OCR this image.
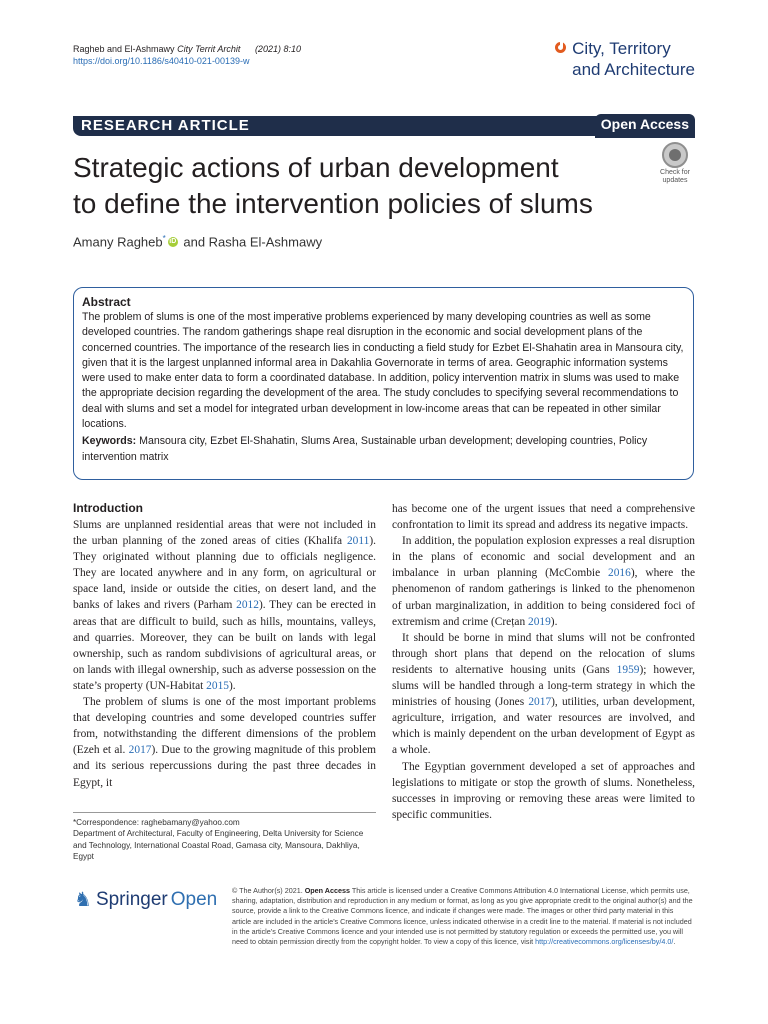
Ragheb and El-Ashmawy City Territ Archit (2021) 8:10
https://doi.org/10.1186/s40410-021-00139-w
City, Territory
and Architecture
RESEARCH ARTICLE	Open Access
Strategic actions of urban development
to define the intervention policies of slums
Check for
updates
Amany Ragheb* iD and Rasha El-Ashmawy
Abstract
The problem of slums is one of the most imperative problems experienced by many developing countries as well as some developed countries. The random gatherings shape real disruption in the economic and social development plans of the concerned countries. The importance of the research lies in conducting a field study for Ezbet El-Shahatin area in Mansoura city, given that it is the largest unplanned informal area in Dakahlia Governorate in terms of area. Geographic information systems were used to make enter data to form a coordinated database. In addition, policy intervention matrix in slums was used to make the appropriate decision regarding the development of the area. The study concludes to specifying several recommendations to deal with slums and set a model for integrated urban development in low-income areas that can be repeated in other similar locations.
Keywords: Mansoura city, Ezbet El-Shahatin, Slums Area, Sustainable urban development; developing countries, Policy intervention matrix
Introduction

Slums are unplanned residential areas that were not included in the urban planning of the zoned areas of cities (Khalifa 2011). They originated without planning due to officials negligence. They are located anywhere and in any form, on agricultural or space land, inside or outside the cities, on desert land, and the banks of lakes and rivers (Parham 2012). They can be erected in areas that are difficult to build, such as hills, mountains, valleys, and quarries. Moreover, they can be built on lands with legal ownership, such as random subdivisions of agricultural areas, or on lands with illegal ownership, such as adverse possession on the state’s property (UN-Habitat 2015).

The problem of slums is one of the most important problems that developing countries and some developed countries suffer from, notwithstanding the different dimensions of the problem (Ezeh et al. 2017). Due to the growing magnitude of this problem and its serious repercussions during the past three decades in Egypt, it

*Correspondence: raghebamany@yahoo.com
Department of Architectural, Faculty of Engineering, Delta University for Science and Technology, International Coastal Road, Gamasa city, Mansoura, Dakhliya, Egypt

has become one of the urgent issues that need a comprehensive confrontation to limit its spread and address its negative impacts.

In addition, the population explosion expresses a real disruption in the plans of economic and social development and an imbalance in urban planning (McCombie 2016), where the phenomenon of random gatherings is linked to the phenomenon of urban marginalization, in addition to being considered foci of extremism and crime (Crețan 2019).

It should be borne in mind that slums will not be confronted through short plans that depend on the relocation of slums residents to alternative housing units (Gans 1959); however, slums will be handled through a long-term strategy in which the ministries of housing (Jones 2017), utilities, urban development, agriculture, irrigation, and water resources are involved, and which is mainly dependent on the urban development of Egypt as a whole.

The Egyptian government developed a set of approaches and legislations to mitigate or stop the growth of slums. Nonetheless, successes in improving or removing these areas were limited to specific communities.

♞ Springer Open © The Author(s) 2021. Open Access This article is licensed under a Creative Commons Attribution 4.0 International License, which permits use, sharing, adaptation, distribution and reproduction in any medium or format, as long as you give appropriate credit to the original author(s) and the source, provide a link to the Creative Commons licence, and indicate if changes were made. The images or other third party material in this article are included in the article’s Creative Commons licence, unless indicated otherwise in a credit line to the material. If material is not included in the article’s Creative Commons licence and your intended use is not permitted by statutory regulation or exceeds the permitted use, you will need to obtain permission directly from the copyright holder. To view a copy of this licence, visit http://creativecommons.org/licenses/by/4.0/.
